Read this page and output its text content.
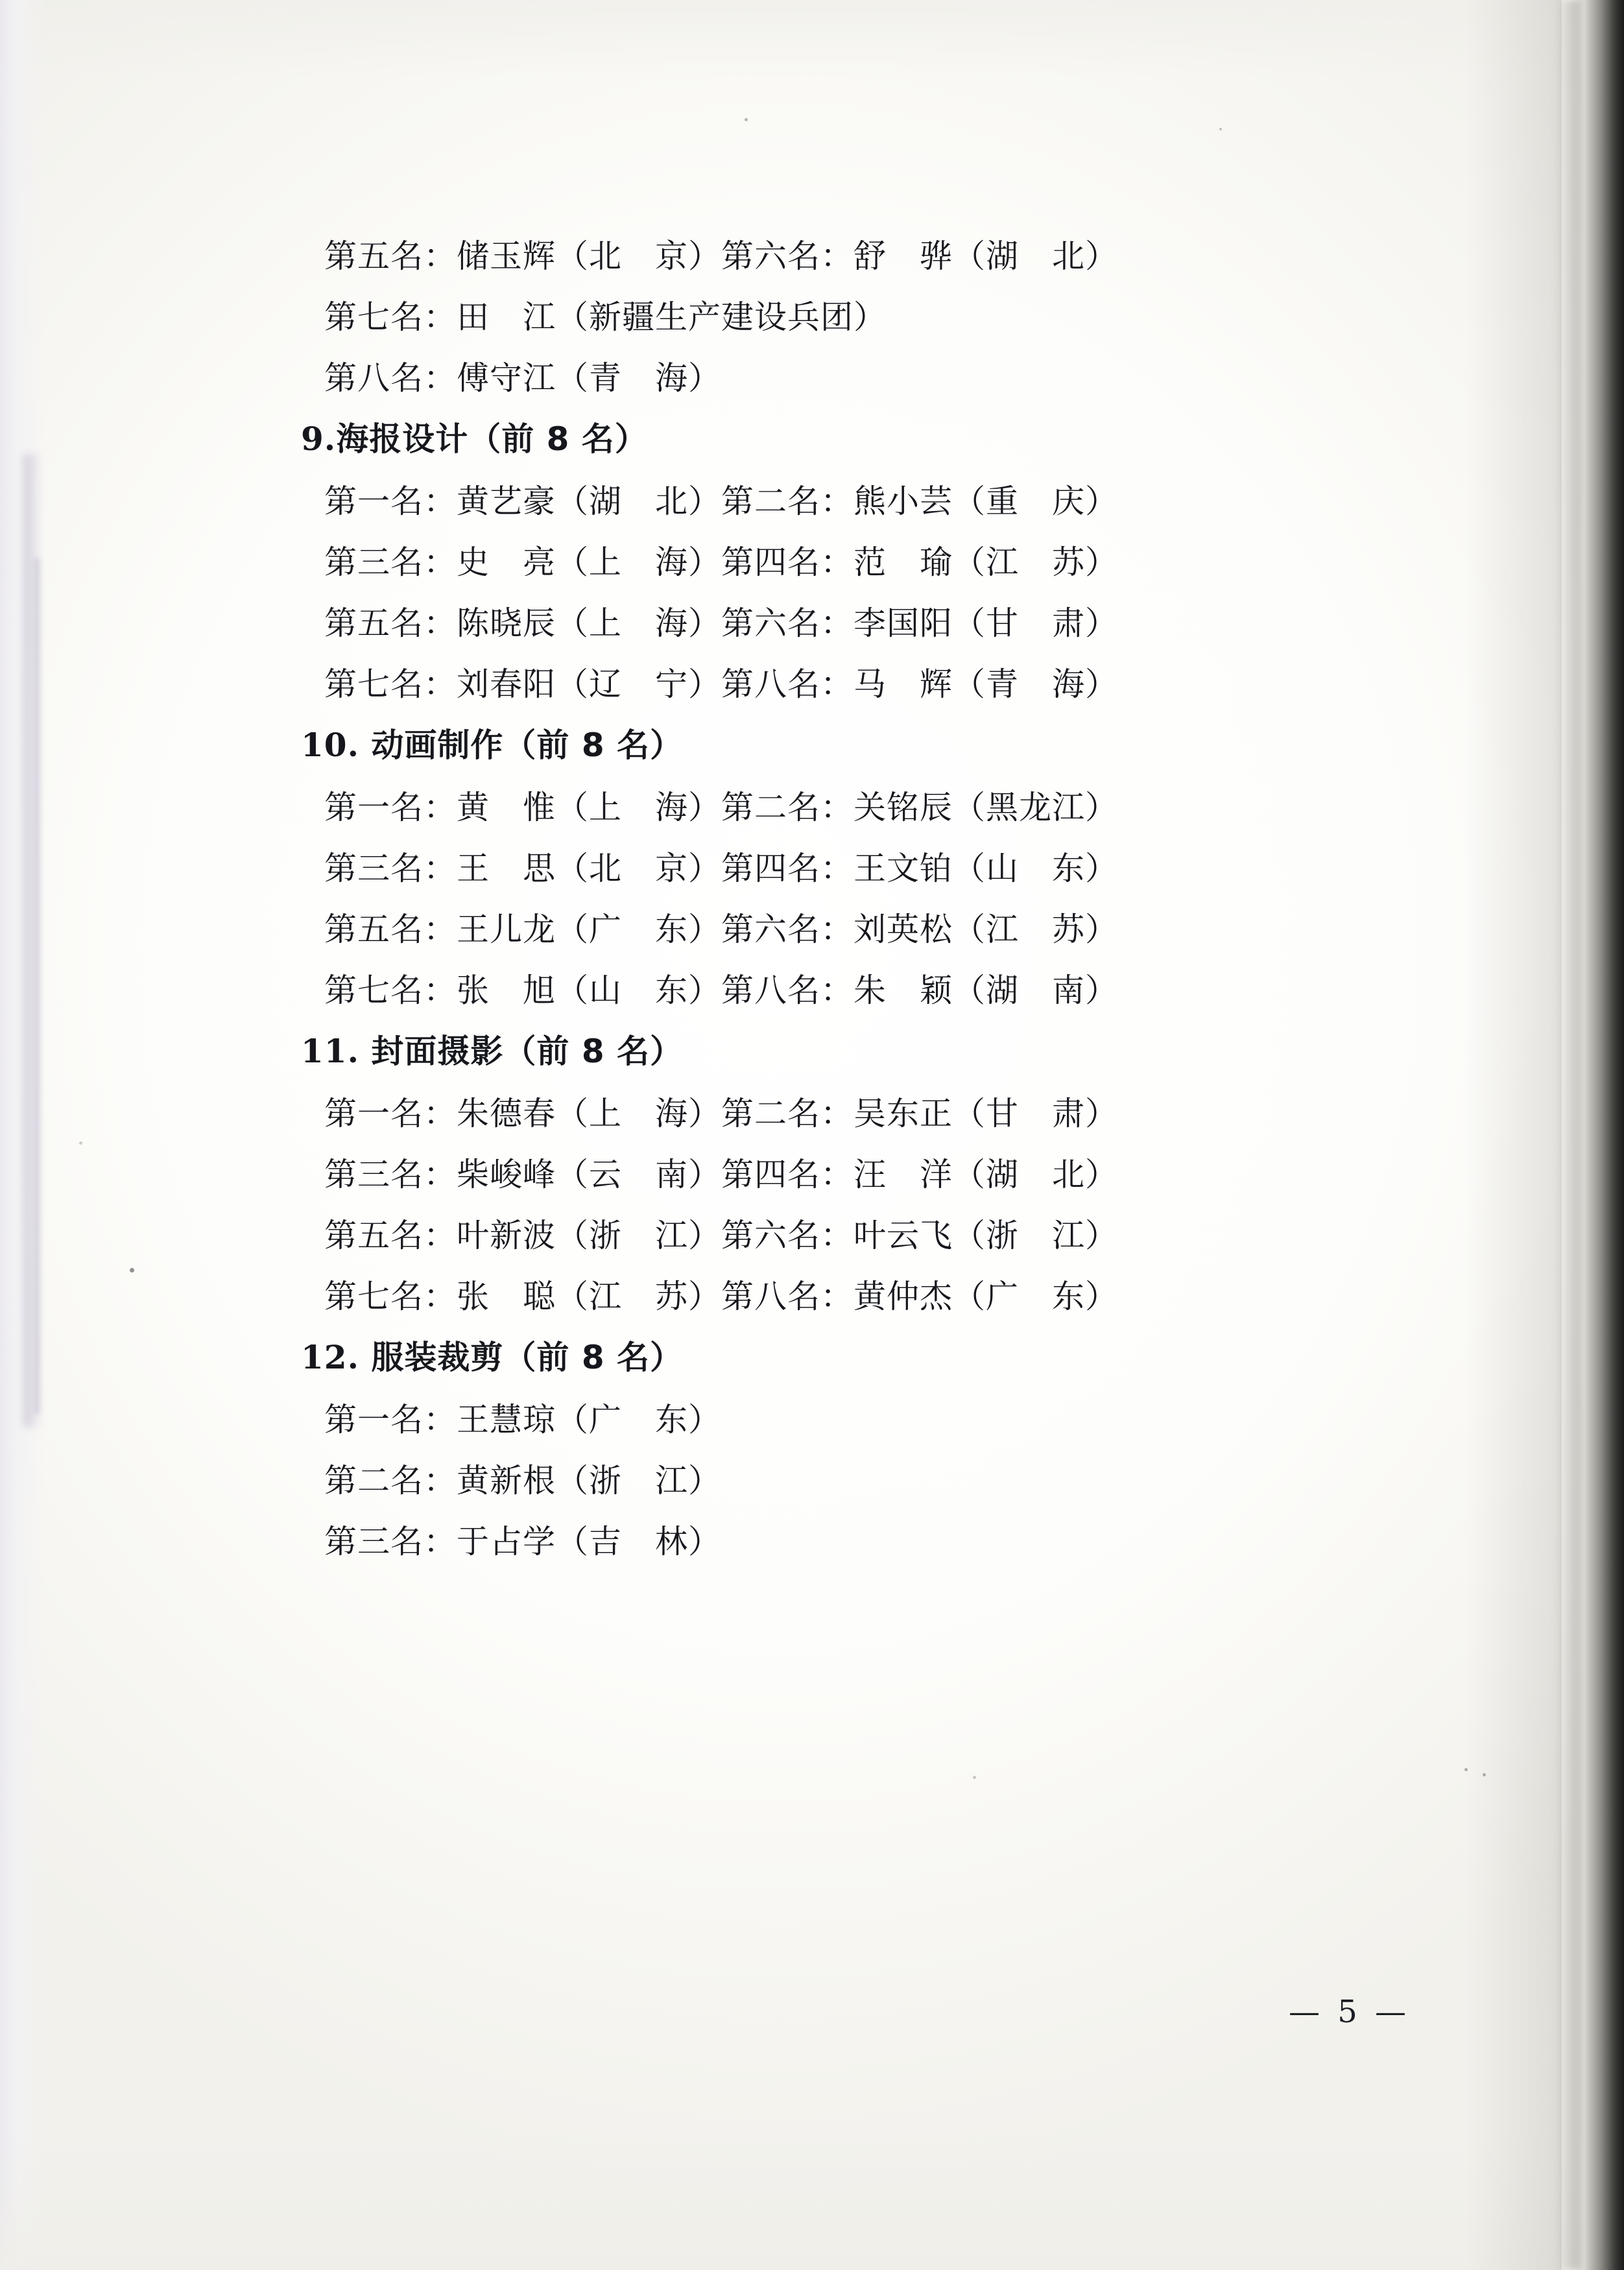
第五名：储玉辉（北　京）第六名：舒　骅（湖　北）
第七名：田　江（新疆生产建设兵团）
第八名：傅守江（青　海）
9.海报设计（前 8 名）
第一名：黄艺豪（湖　北）第二名：熊小芸（重　庆）
第三名：史　亮（上　海）第四名：范　瑜（江　苏）
第五名：陈晓辰（上　海）第六名：李国阳（甘　肃）
第七名：刘春阳（辽　宁）第八名：马　辉（青　海）
10. 动画制作（前 8 名）
第一名：黄　惟（上　海）第二名：关铭辰（黑龙江）
第三名：王　思（北　京）第四名：王文铂（山　东）
第五名：王儿龙（广　东）第六名：刘英松（江　苏）
第七名：张　旭（山　东）第八名：朱　颖（湖　南）
11. 封面摄影（前 8 名）
第一名：朱德春（上　海）第二名：吴东正（甘　肃）
第三名：柴峻峰（云　南）第四名：汪　洋（湖　北）
第五名：叶新波（浙　江）第六名：叶云飞（浙　江）
第七名：张　聪（江　苏）第八名：黄仲杰（广　东）
12. 服装裁剪（前 8 名）
第一名：王慧琼（广　东）
第二名：黄新根（浙　江）
第三名：于占学（吉　林）
— 5 —
